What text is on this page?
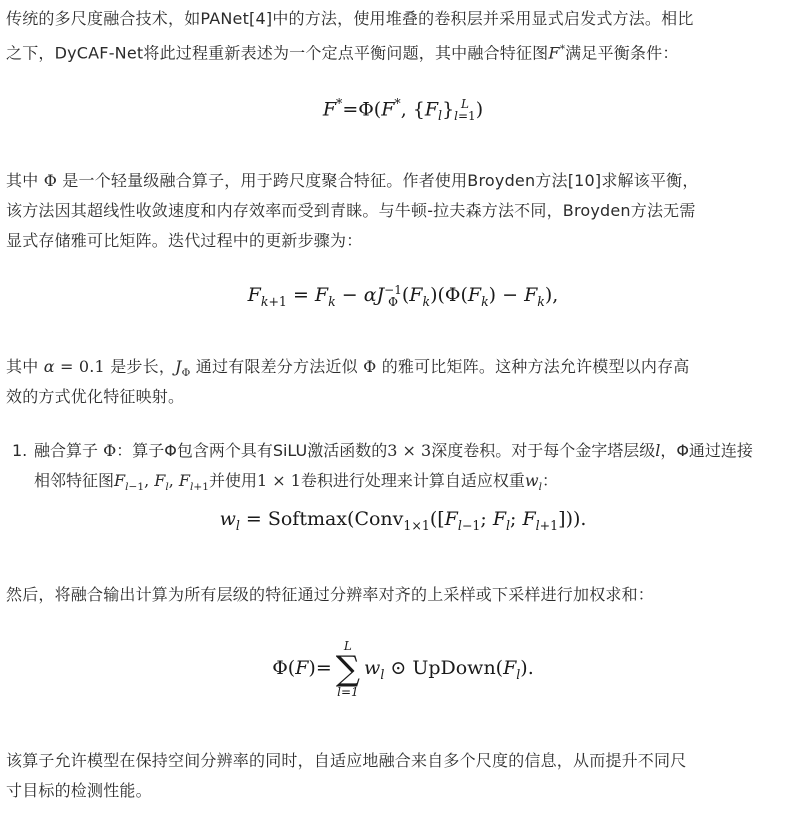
传统的多尺度融合技术，如PANet[4]中的方法，使用堆叠的卷积层并采用显式启发式方法。相比
之下，DyCAF-Net将此过程重新表述为一个定点平衡问题，其中融合特征图F*满足平衡条件：
F*=Φ(F*, $\{F_l\}$ L
l=1 )
其中 Φ 是一个轻量级融合算子，用于跨尺度聚合特征。作者使用Broyden方法[10]求解该平衡，
该方法因其超线性收敛速度和内存效率而受到青睐。与牛顿-拉夫森方法不同，Broyden方法无需
显式存储雅可比矩阵。迭代过程中的更新步骤为：
$F_{k+1} = F_k - \alpha J -1$
Φ $(F_k)(\Phi(F_k) - F_k)$,
其中 α = 0.1 是步长，$J_\Phi$ 通过有限差分方法近似 Φ 的雅可比矩阵。这种方法允许模型以内存高
效的方式优化特征映射。
1. 融合算子 Φ：算子Φ包含两个具有SiLU激活函数的3 × 3深度卷积。对于每个金字塔层级l，Φ通过连接
相邻特征图$F_{l-1}$, $F_l$, $F_{l+1}$并使用1 × 1卷积进行处理来计算自适应权重$w_l$：
$w_l$ = $Softmax(Conv_{1\times 1}([F_{l-1}$; $F_l$; $F_{l+1}$])).
然后，将融合输出计算为所有层级的特征通过分辨率对齐的上采样或下采样进行加权求和：
Φ(F)=
L
∑
l=1
$w_l$ ⊙ $UpDown(F_l)$.
该算子允许模型在保持空间分辨率的同时，自适应地融合来自多个尺度的信息，从而提升不同尺
寸目标的检测性能。
